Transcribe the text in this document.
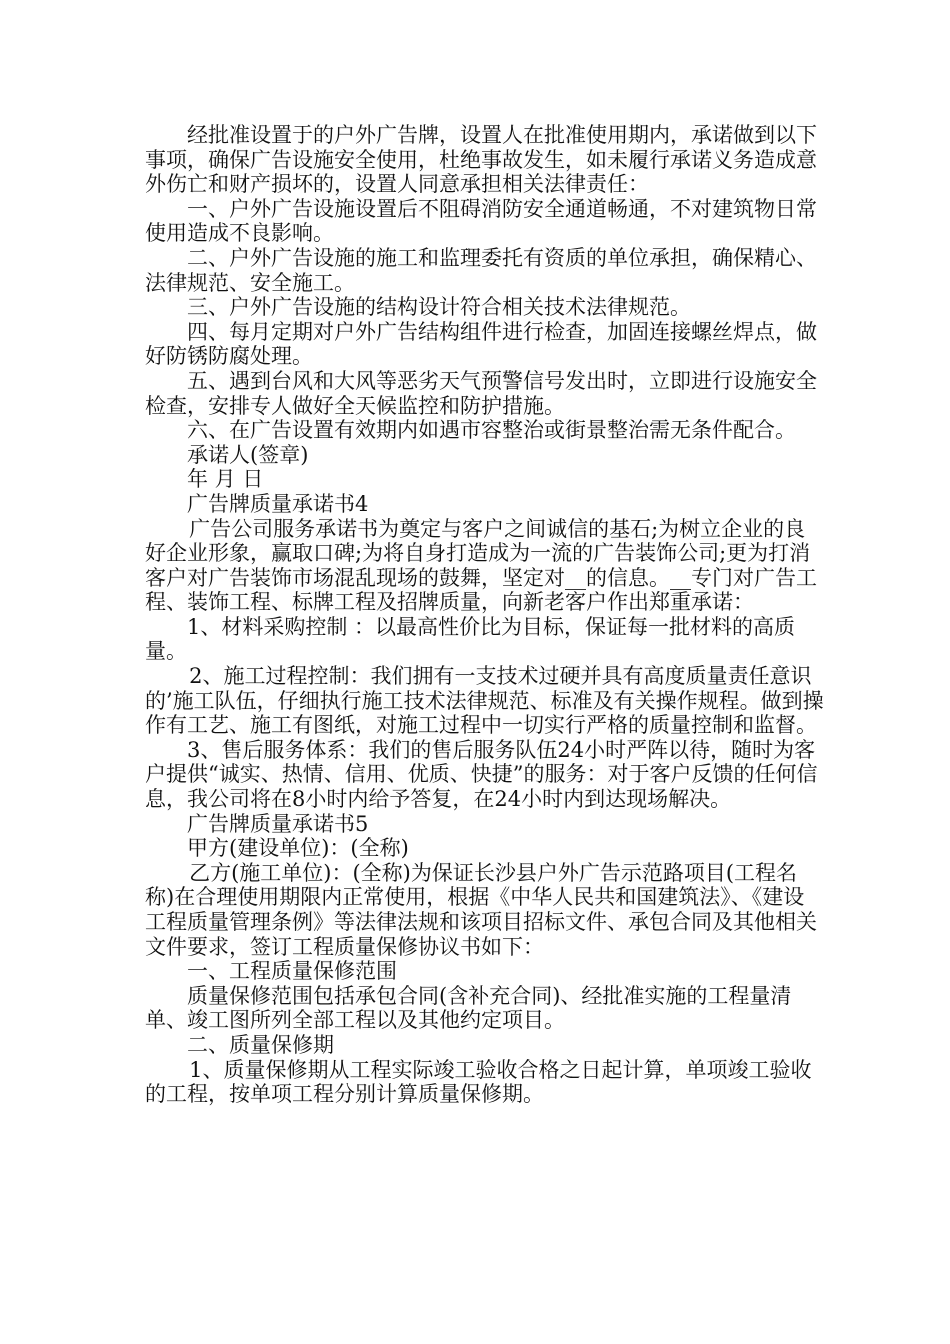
经批准设置于的户外广告牌，设置人在批准使用期内，承诺做到以下事项，确保广告设施安全使用，杜绝事故发生，如未履行承诺义务造成意外伤亡和财产损坏的，设置人同意承担相关法律责任：

一、户外广告设施设置后不阻碍消防安全通道畅通，不对建筑物日常使用造成不良影响。

二、户外广告设施的施工和监理委托有资质的单位承担，确保精心、法律规范、安全施工。

三、户外广告设施的结构设计符合相关技术法律规范。

四、每月定期对户外广告结构组件进行检查，加固连接螺丝焊点，做好防锈防腐处理。

五、遇到台风和大风等恶劣天气预警信号发出时，立即进行设施安全检查，安排专人做好全天候监控和防护措施。

六、在广告设置有效期内如遇市容整治或街景整治需无条件配合。

承诺人(签章)

年 月 日

广告牌质量承诺书4

广告公司服务承诺书为奠定与客户之间诚信的基石;为树立企业的良好企业形象，赢取口碑;为将自身打造成为一流的广告装饰公司;更为打消客户对广告装饰市场混乱现场的鼓舞，坚定对__的信息。__专门对广告工程、装饰工程、标牌工程及招牌质量，向新老客户作出郑重承诺：

1、材料采购控制 ：以最高性价比为目标，保证每一批材料的高质量。

2、施工过程控制：我们拥有一支技术过硬并具有高度质量责任意识的’施工队伍，仔细执行施工技术法律规范、标准及有关操作规程。做到操作有工艺、施工有图纸，对施工过程中一切实行严格的质量控制和监督。

3、售后服务体系：我们的售后服务队伍24小时严阵以待，随时为客户提供“诚实、热情、信用、优质、快捷”的服务：对于客户反馈的任何信息，我公司将在8小时内给予答复，在24小时内到达现场解决。

广告牌质量承诺书5

甲方(建设单位)：(全称)

乙方(施工单位)：(全称)为保证长沙县户外广告示范路项目(工程名称)在合理使用期限内正常使用，根据《中华人民共和国建筑法》、《建设工程质量管理条例》等法律法规和该项目招标文件、承包合同及其他相关文件要求，签订工程质量保修协议书如下：

一、工程质量保修范围

质量保修范围包括承包合同(含补充合同)、经批准实施的工程量清单、竣工图所列全部工程以及其他约定项目。

二、质量保修期

1、质量保修期从工程实际竣工验收合格之日起计算，单项竣工验收的工程，按单项工程分别计算质量保修期。
